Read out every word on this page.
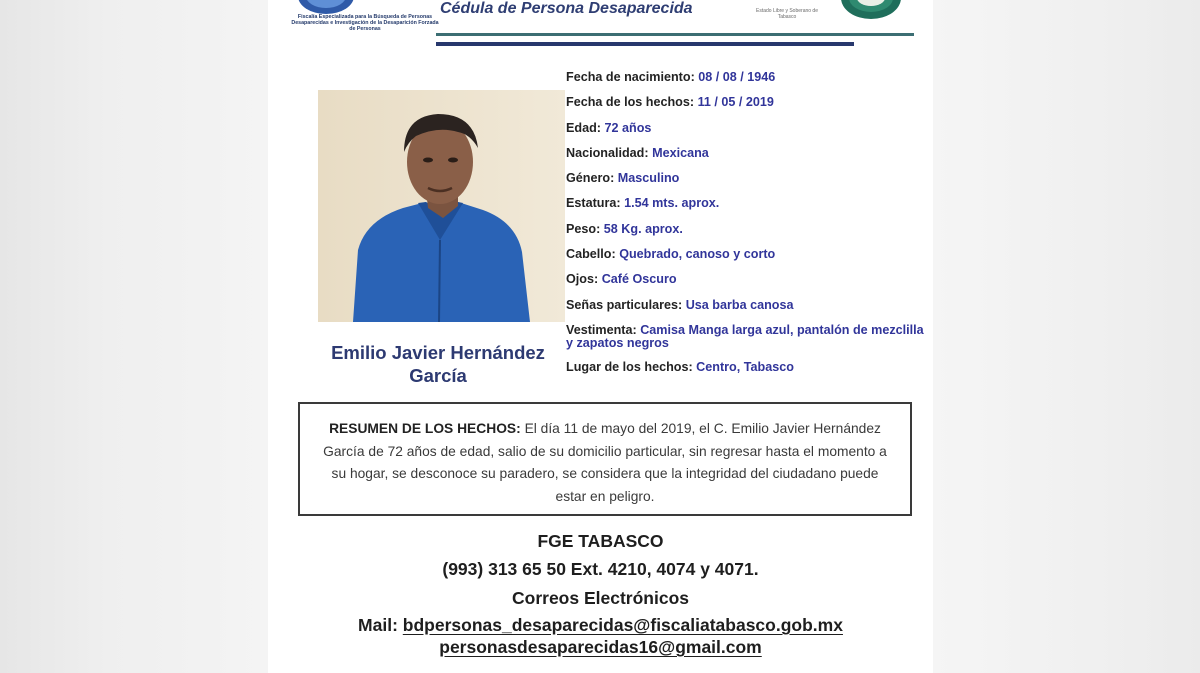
Fiscalía Especializada para la Búsqueda de Personas Desaparecidas e Investigación de la Desaparición Forzada de Personas
Cédula de Persona Desaparecida	Estado Libre y Soberano de Tabasco
Emilio Javier Hernández
García
Fecha de nacimiento: 08 / 08 / 1946
Fecha de los hechos: 11 / 05 / 2019
Edad: 72 años
Nacionalidad: Mexicana
Género: Masculino
Estatura: 1.54 mts. aprox.
Peso: 58 Kg. aprox.
Cabello: Quebrado, canoso y corto
Ojos: Café Oscuro
Señas particulares: Usa barba canosa
Vestimenta: Camisa Manga larga azul, pantalón de mezclilla y zapatos negros
Lugar de los hechos: Centro, Tabasco
RESUMEN DE LOS HECHOS: El día 11 de mayo del 2019, el C. Emilio Javier Hernández García de 72 años de edad, salio de su domicilio particular, sin regresar hasta el momento a su hogar, se desconoce su paradero, se considera que la integridad del ciudadano puede estar en peligro.
FGE TABASCO
(993) 313 65 50 Ext. 4210, 4074 y 4071.
Correos Electrónicos
Mail: bdpersonas_desaparecidas@fiscaliatabasco.gob.mx
personasdesaparecidas16@gmail.com
